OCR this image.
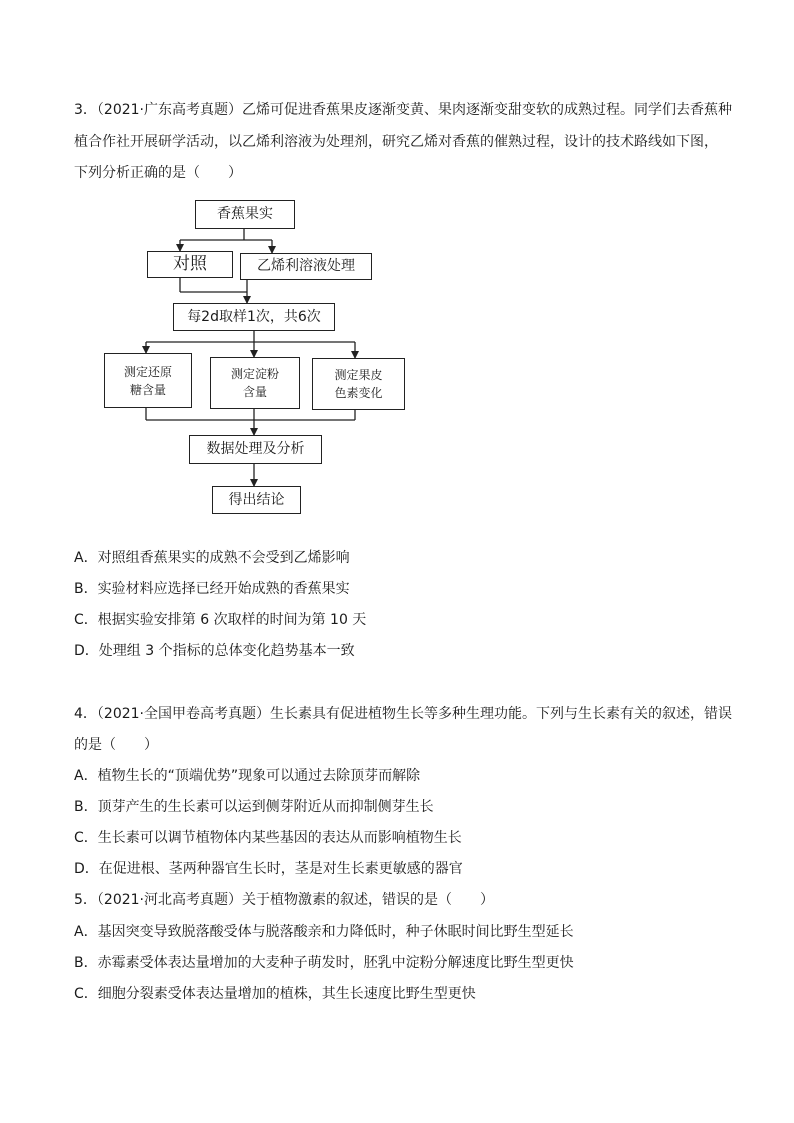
3．（2021·广东高考真题）乙烯可促进香蕉果皮逐渐变黄、果肉逐渐变甜变软的成熟过程。同学们去香蕉种
植合作社开展研学活动，以乙烯利溶液为处理剂，研究乙烯对香蕉的催熟过程，设计的技术路线如下图，
下列分析正确的是（　　）
香蕉果实
对照	乙烯利溶液处理
每2d取样1次，共6次
测定还原
糖含量
测定淀粉
含量
测定果皮
色素变化
数据处理及分析
得出结论
A．对照组香蕉果实的成熟不会受到乙烯影响
B．实验材料应选择已经开始成熟的香蕉果实
C．根据实验安排第 6 次取样的时间为第 10 天
D．处理组 3 个指标的总体变化趋势基本一致
4．（2021·全国甲卷高考真题）生长素具有促进植物生长等多种生理功能。下列与生长素有关的叙述，错误
的是（　　）
A．植物生长的“顶端优势”现象可以通过去除顶芽而解除
B．顶芽产生的生长素可以运到侧芽附近从而抑制侧芽生长
C．生长素可以调节植物体内某些基因的表达从而影响植物生长
D．在促进根、茎两种器官生长时，茎是对生长素更敏感的器官
5．（2021·河北高考真题）关于植物激素的叙述，错误的是（　　）
A．基因突变导致脱落酸受体与脱落酸亲和力降低时，种子休眠时间比野生型延长
B．赤霉素受体表达量增加的大麦种子萌发时，胚乳中淀粉分解速度比野生型更快
C．细胞分裂素受体表达量增加的植株，其生长速度比野生型更快
